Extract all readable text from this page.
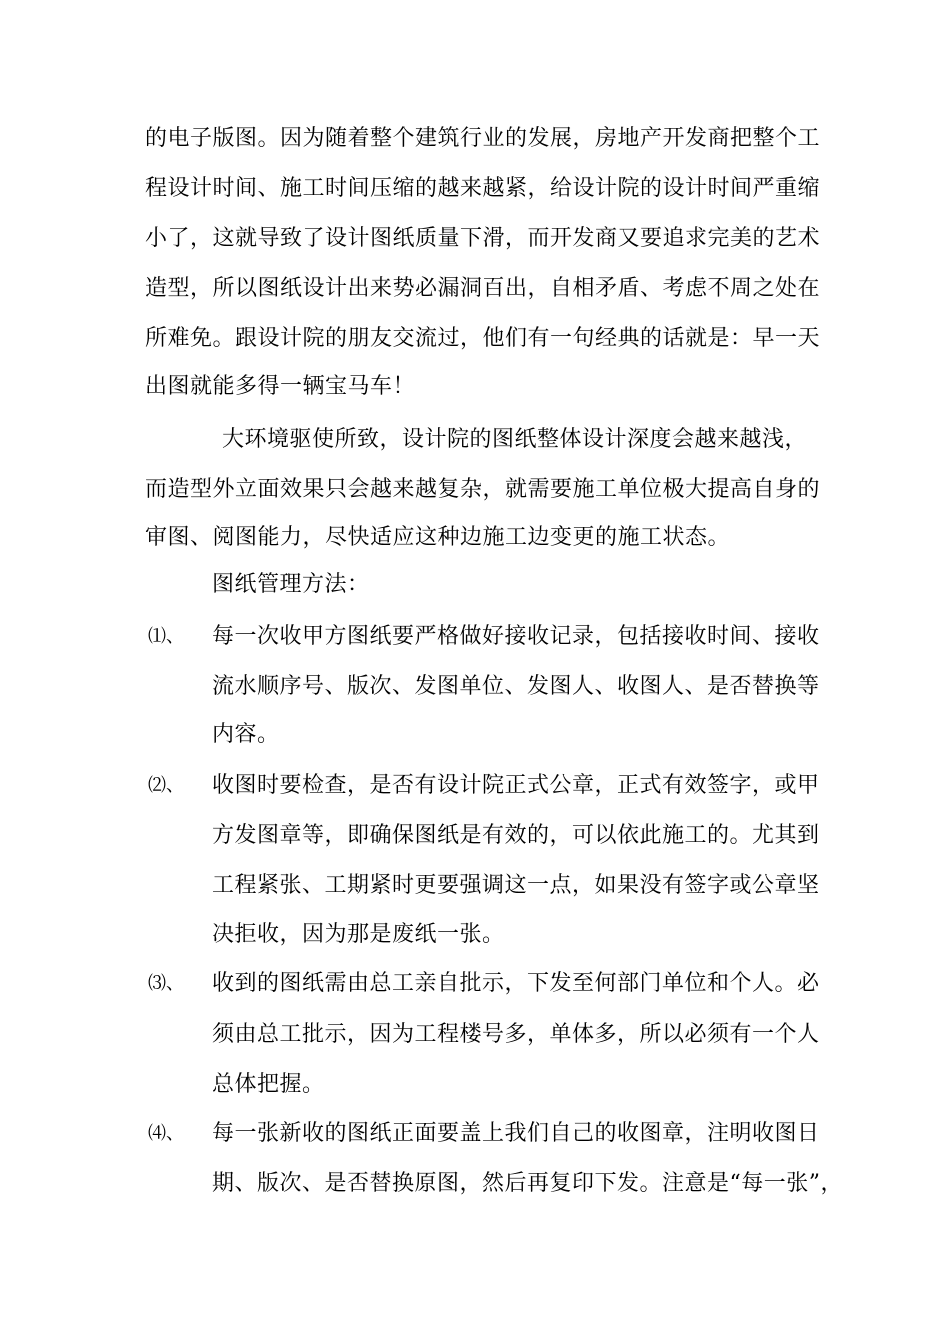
的电子版图。因为随着整个建筑行业的发展，房地产开发商把整个工
程设计时间、施工时间压缩的越来越紧，给设计院的设计时间严重缩
小了，这就导致了设计图纸质量下滑，而开发商又要追求完美的艺术
造型，所以图纸设计出来势必漏洞百出，自相矛盾、考虑不周之处在
所难免。跟设计院的朋友交流过，他们有一句经典的话就是：早一天
出图就能多得一辆宝马车！
大环境驱使所致，设计院的图纸整体设计深度会越来越浅，
而造型外立面效果只会越来越复杂，就需要施工单位极大提高自身的
审图、阅图能力，尽快适应这种边施工边变更的施工状态。
图纸管理方法：
⑴、 每一次收甲方图纸要严格做好接收记录，包括接收时间、接收
流水顺序号、版次、发图单位、发图人、收图人、是否替换等
内容。
⑵、 收图时要检查，是否有设计院正式公章，正式有效签字，或甲
方发图章等，即确保图纸是有效的，可以依此施工的。尤其到
工程紧张、工期紧时更要强调这一点，如果没有签字或公章坚
决拒收，因为那是废纸一张。
⑶、 收到的图纸需由总工亲自批示，下发至何部门单位和个人。必
须由总工批示，因为工程楼号多，单体多，所以必须有一个人
总体把握。
⑷、 每一张新收的图纸正面要盖上我们自己的收图章，注明收图日
期、版次、是否替换原图，然后再复印下发。注意是“每一张”，
